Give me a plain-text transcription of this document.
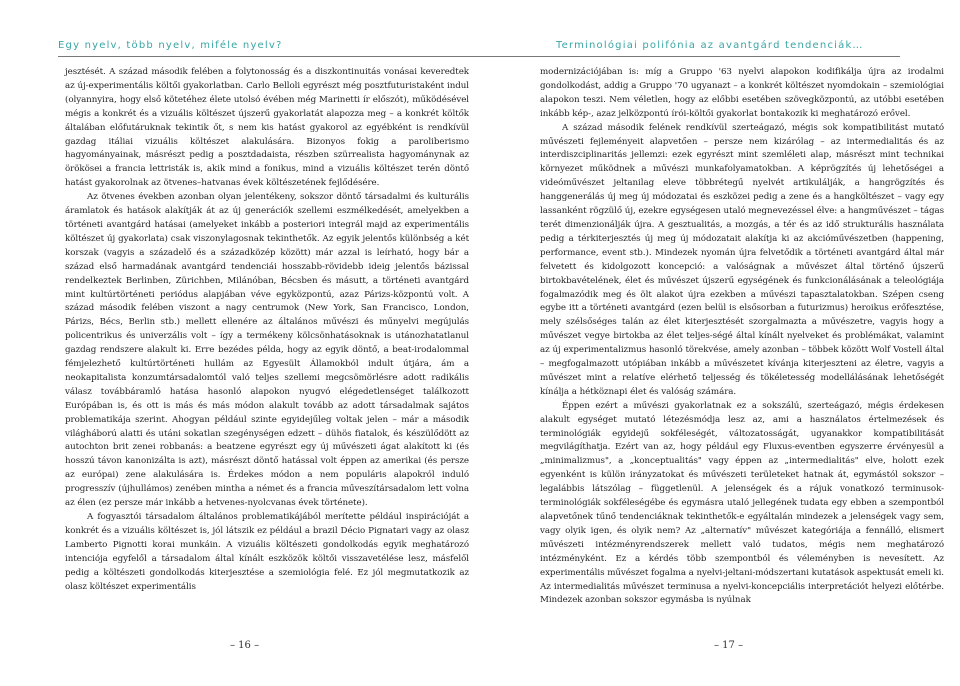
Egy nyelv, több nyelv, miféle nyelv?

jesztését. A század második felében a folytonosság és a diszkontinuitás vonásai keveredtek az új-experimentális költői gyakorlatban. Carlo Belloli egyrészt még posztfuturistaként indul (olyannyira, hogy első kötetéhez élete utolsó évében még Marinetti ír előszót), működésével mégis a konkrét és a vizuális költészet újszerű gyakorlatát alapozza meg – a konkrét költők általában előfutáruknak tekintik őt, s nem kis hatást gyakorol az egyébként is rendkívül gazdag itáliai vizuális költészet alakulására. Bizonyos fokig a paroliberismo hagyományainak, másrészt pedig a posztdadaista, részben szürrealista hagyománynak az örökösei a francia lettristák is, akik mind a fonikus, mind a vizuális költészet terén döntő hatást gyakorolnak az ötvenes–hatvanas évek költészetének fejlődésére.

Az ötvenes években azonban olyan jelentékeny, sokszor döntő társadalmi és kulturális áramlatok és hatások alakítják át az új generációk szellemi eszmélkedését, amelyekben a történeti avantgárd hatásai (amelyeket inkább a posteriori integrál majd az experimentális költészet új gyakorlata) csak viszonylagosnak tekinthetők. Az egyik jelentős különbség a két korszak (vagyis a századelő és a századközép között) már azzal is leírható, hogy bár a század első harmadának avantgárd tendenciái hosszabb-rövidebb ideig jelentős bázissal rendelkeztek Berlinben, Zürichben, Milánóban, Bécsben és másutt, a történeti avantgárd mint kultúrtörténeti periódus alapjában véve egyközpontú, azaz Párizs-központú volt. A század második felében viszont a nagy centrumok (New York, San Francisco, London, Párizs, Bécs, Berlin stb.) mellett ellenére az általános művészi és műnyelvi megújulás policentrikus és univerzális volt – így a termékeny kölcsönhatásoknak is utánozhatatlanul gazdag rendszere alakult ki. Erre bezédes példa, hogy az egyik döntő, a beat-irodalommal fémjelezhető kultúrtörténeti hullám az Egyesült Államokból indult útjára, ám a neokapitalista konzumtársadalomtól való teljes szellemi megcsömörlésre adott radikális válasz továbbáramló hatása hasonló alapokon nyugvó elégedetlenséget találkozott Európában is, és ott is más és más módon alakult tovább az adott társadalmak sajátos problematikája szerint. Ahogyan például szinte egyidejűleg voltak jelen – már a második világháború alatti és utáni sokatlan szegénységen edzett – dühös fiatalok, és készülődött az autochton brit zenei robbanás: a beatzene egyrészt egy új művészeti ágat alakított ki (és hosszú távon kanonizálta is azt), másrészt döntő hatással volt éppen az amerikai (és persze az európai) zene alakulására is. Érdekes módon a nem populáris alapokról induló progresszív (újhullámos) zenében mintha a német és a francia műveszítársadalom lett volna az élen (ez persze már inkább a hetvenes-nyolcvanas évek története).

A fogyasztói társadalom általános problematikájából merítette például inspirációját a konkrét és a vizuális költészet is, jól látszik ez például a brazil Décio Pignatari vagy az olasz Lamberto Pignotti korai munkáin. A vizuális költészeti gondolkodás egyik meghatározó intenciója egyfelől a társadalom által kínált eszközök költői visszavetélése lesz, másfelől pedig a költészeti gondolkodás kiterjesztése a szemiológia felé. Ez jól megmutatkozik az olasz költészet experimentális

– 16 –
Terminológiai polifónia az avantgárd tendenciák…

modernizációjában is: míg a Gruppo '63 nyelvi alapokon kodifikálja újra az irodalmi gondolkodást, addig a Gruppo '70 ugyanazt – a konkrét költészet nyomdokain – szemiológiai alapokon teszi. Nem véletlen, hogy az előbbi esetében szövegközpontú, az utóbbi esetében inkább kép-, azaz jelközpontú írói-költői gyakorlat bontakozik ki meghatározó erővel.

A század második felének rendkívül szerteágazó, mégis sok kompatibilitást mutató művészeti fejleményeit alapvetően – persze nem kizárólag – az intermedialitás és az interdiszciplinaritás jellemzi: ezek egyrészt mint szemléleti alap, másrészt mint technikai környezet működnek a művészi munkafolyamatokban. A képrögzítés új lehetőségei a videóművészet jeltanilag eleve többrétegű nyelvét artikulálják, a hangrögzítés és hanggenerálás új meg új módozatai és eszközei pedig a zene és a hangköltészet – vagy egy lassanként rögzülő új, ezekre egységesen utaló megnevezéssel élve: a hangművészet – tágas terét dimenzionálják újra. A gesztualitás, a mozgás, a tér és az idő strukturális használata pedig a térkiterjesztés új meg új módozatait alakítja ki az akcióművészetben (happening, performance, event stb.). Mindezek nyomán újra felvetődik a történeti avantgárd által már felvetett és kidolgozott koncepció: a valóságnak a művészet által történő újszerű birtokbavételének, élet és művészet újszerű egységének és funkcionálásának a teleológiája fogalmazódik meg és ölt alakot újra ezekben a művészi tapasztalatokban. Szépen cseng egybe itt a történeti avantgárd (ezen belül is elsősorban a futurizmus) heroikus erőfesztése, mely szélsőséges talán az élet kiterjesztését szorgalmazta a művészetre, vagyis hogy a művészet vegye birtokba az élet teljes-ségé által kínált nyelveket és problémákat, valamint az új experimentalizmus hasonló törekvése, amely azonban – többek között Wolf Vostell által – megfogalmazott utópiában inkább a művészetet kívánja kiterjeszteni az életre, vagyis a művészet mint a relatíve elérhető teljesség és tökéletesség modellálásának lehetőségét kínálja a hétköznapi élet és valóság számára.

Éppen ezért a művészi gyakorlatnak ez a sokszálú, szerteágazó, mégis érdekesen alakult egységet mutató létezésmódja lesz az, ami a használatos értelmezések és terminológiák egyidejű sokféleségét, változatosságát, ugyanakkor kompatibilitását megvilágíthatja. Ezért van az, hogy például egy Fluxus-eventben egyszerre érvényesül a „minimalizmus", a „konceptualitás" vagy éppen az „intermedialitás" elve, holott ezek egyenként is külön irányzatokat és művészeti területeket hatnak át, egymástól sokszor – legalábbis látszólag – függetlenül. A jelenségek és a rájuk vonatkozó terminusok-terminológiák sokféleségébe és egymásra utaló jellegének tudata egy ebben a szempontból alapvetőnek tűnő tendenciáknak tekinthetők-e egyáltalán mindezek a jelenségek vagy sem, vagy olyik igen, és olyik nem? Az „alternatív" művészet kategóriája a fennálló, elismert művészeti intézményrendszerek mellett való tudatos, mégis nem meghatározó intézményként. Ez a kérdés több szempontból és véleményben is nevesített. Az experimentális művészet fogalma a nyelvi-jeltani-módszertani kutatások aspektusát emeli ki. Az intermedialitás művészet terminusa a nyelvi-koncepciális interpretációt helyezi előtérbe. Mindezek azonban sokszor egymásba is nyúlnak

– 17 –
